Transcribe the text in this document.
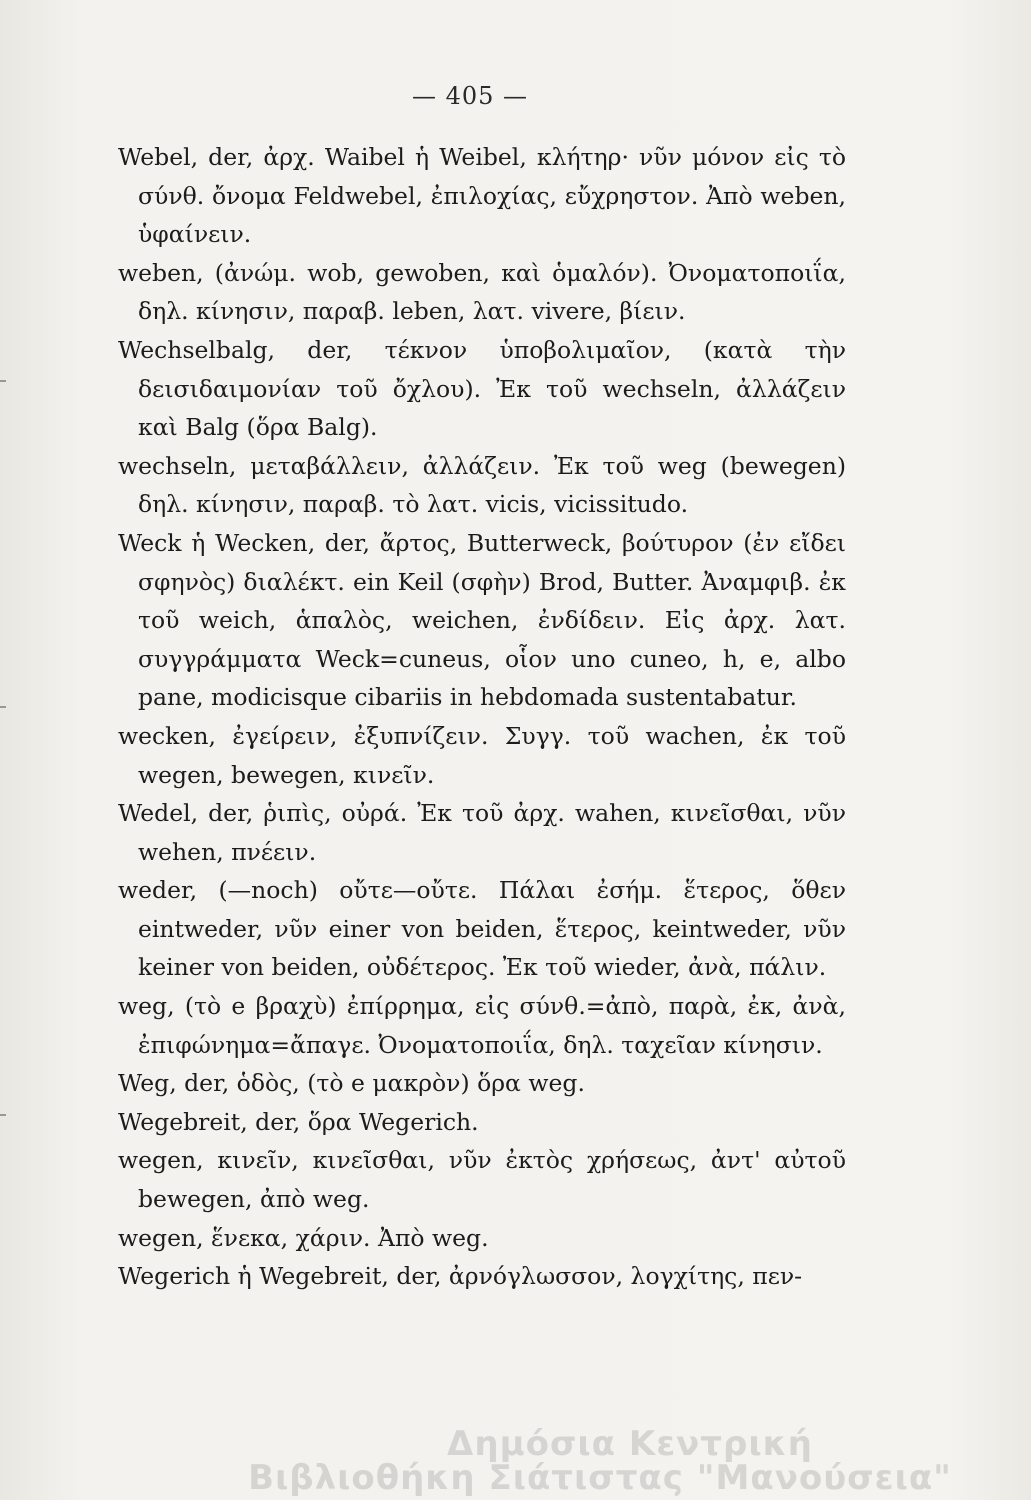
— 405 —

Webel, der, ἀρχ. Waibel ἡ Weibel, κλήτηρ· νῦν μόνον εἰς τὸ σύνθ. ὄνομα Feldwebel, ἐπιλοχίας, εὔχρηστον. Ἀπὸ weben, ὑφαίνειν.

weben, (ἀνώμ. wob, gewoben, καὶ ὁμαλόν). Ὀνοματοποιΐα, δηλ. κίνησιν, παραβ. leben, λατ. vivere, βίειν.

Wechselbalg, der, τέκνον ὑποβολιμαῖον, (κατὰ τὴν δεισιδαιμονίαν τοῦ ὄχλου). Ἐκ τοῦ wechseln, ἀλλάζειν καὶ Balg (ὅρα Balg).

wechseln, μεταβάλλειν, ἀλλάζειν. Ἐκ τοῦ weg (bewegen) δηλ. κίνησιν, παραβ. τὸ λατ. vicis, vicissitudo.

Weck ἡ Wecken, der, ἄρτος, Butterweck, βούτυρον (ἐν εἴδει σφηνὸς) διαλέκτ. ein Keil (σφὴν) Brod, Butter. Ἀναμφιβ. ἐκ τοῦ weich, ἁπαλὸς, weichen, ἐνδίδειν. Εἰς ἀρχ. λατ. συγγράμματα Weck=cuneus, οἷον uno cuneo, h, e, albo pane, modicisque cibariis in hebdomada sustentabatur.

wecken, ἐγείρειν, ἐξυπνίζειν. Συγγ. τοῦ wachen, ἐκ τοῦ wegen, bewegen, κινεῖν.

Wedel, der, ῥιπὶς, οὐρά. Ἐκ τοῦ ἀρχ. wahen, κινεῖσθαι, νῦν wehen, πνέειν.

weder, (—noch) οὔτε—οὔτε. Πάλαι ἐσήμ. ἕτερος, ὅθεν eintweder, νῦν einer von beiden, ἕτερος, keintweder, νῦν keiner von beiden, οὐδέτερος. Ἐκ τοῦ wieder, ἀνὰ, πάλιν.

weg, (τὸ e βραχὺ) ἐπίρρημα, εἰς σύνθ.=ἀπὸ, παρὰ, ἐκ, ἀνὰ, ἐπιφώνημα=ἄπαγε. Ὀνοματοποιΐα, δηλ. ταχεῖαν κίνησιν.

Weg, der, ὁδὸς, (τὸ e μακρὸν) ὅρα weg.

Wegebreit, der, ὅρα Wegerich.

wegen, κινεῖν, κινεῖσθαι, νῦν ἐκτὸς χρήσεως, ἀντ' αὐτοῦ bewegen, ἀπὸ weg.

wegen, ἕνεκα, χάριν. Ἀπὸ weg.

Wegerich ἡ Wegebreit, der, ἀρνόγλωσσον, λογχίτης, πεν-

Δημόσια Κεντρική
Βιβλιοθήκη Σιάτιστας "Μανούσεια"
